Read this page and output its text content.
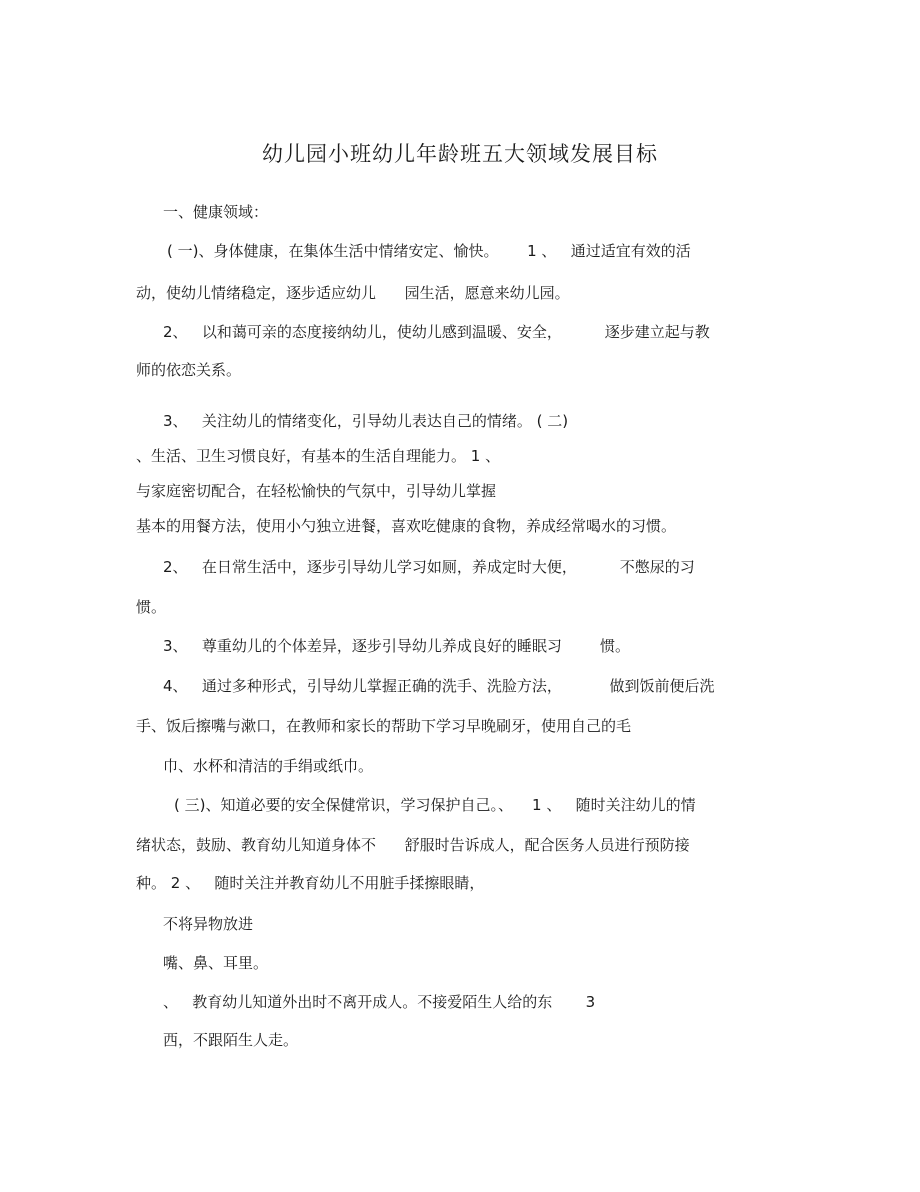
幼儿园小班幼儿年龄班五大领域发展目标
一、健康领域：
( 一)、身体健康，在集体生活中情绪安定、愉快。      1 、   通过适宜有效的活
动，使幼儿情绪稳定，逐步适应幼儿      园生活，愿意来幼儿园。
2、   以和蔼可亲的态度接纳幼儿，使幼儿感到温暖、安全，         逐步建立起与教
师的依恋关系。
3、   关注幼儿的情绪变化，引导幼儿表达自己的情绪。 ( 二)
、生活、卫生习惯良好，有基本的生活自理能力。 1 、
与家庭密切配合，在轻松愉快的气氛中，引导幼儿掌握
基本的用餐方法，使用小勺独立进餐，喜欢吃健康的食物，养成经常喝水的习惯。
2、   在日常生活中，逐步引导幼儿学习如厕，养成定时大便，         不憋尿的习
惯。
3、   尊重幼儿的个体差异，逐步引导幼儿养成良好的睡眠习        惯。
4、   通过多种形式，引导幼儿掌握正确的洗手、洗脸方法，          做到饭前便后洗
手、饭后擦嘴与漱口，在教师和家长的帮助下学习早晚刷牙，使用自己的毛
巾、水杯和清洁的手绢或纸巾。
( 三)、知道必要的安全保健常识，学习保护自己。、    1 、   随时关注幼儿的情
绪状态，鼓励、教育幼儿知道身体不      舒服时告诉成人，配合医务人员进行预防接
种。 2 、   随时关注并教育幼儿不用脏手揉擦眼睛，
不将异物放进
嘴、鼻、耳里。
、   教育幼儿知道外出时不离开成人。不接爱陌生人给的东       3
西，不跟陌生人走。
